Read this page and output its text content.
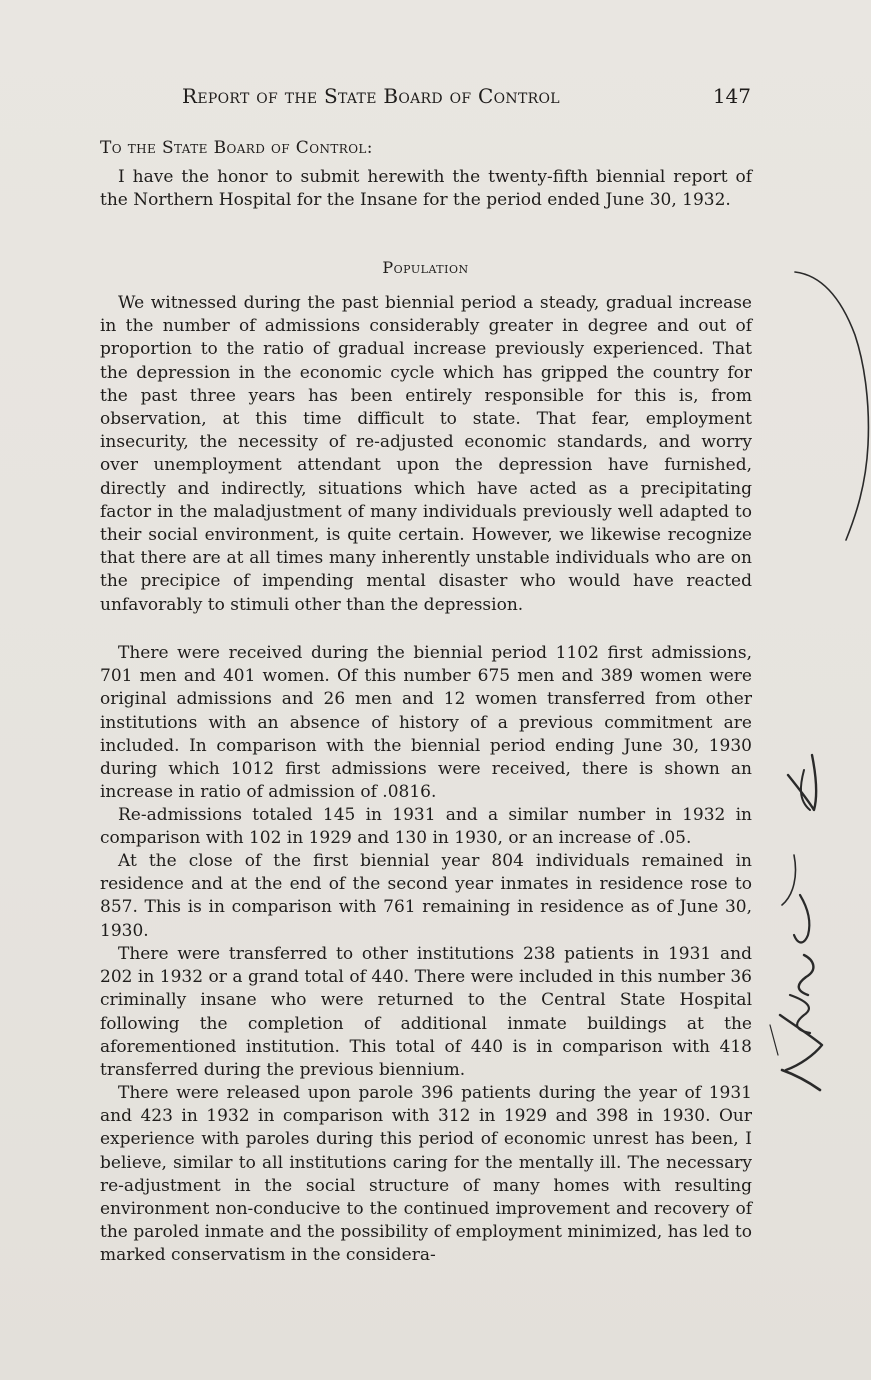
Report of the State Board of Control	147
To the State Board of Control:

I have the honor to submit herewith the twenty-fifth biennial report of the Northern Hospital for the Insane for the period ended June 30, 1932.

Population

We witnessed during the past biennial period a steady, gradual increase in the number of admissions considerably greater in degree and out of proportion to the ratio of gradual increase previously experienced. That the depression in the economic cycle which has gripped the country for the past three years has been entirely responsible for this is, from observation, at this time difficult to state. That fear, employment insecurity, the necessity of re-adjusted economic standards, and worry over unemployment attendant upon the depression have furnished, directly and indirectly, situations which have acted as a precipitating factor in the maladjustment of many individuals previously well adapted to their social environment, is quite certain. However, we likewise recognize that there are at all times many inherently unstable individuals who are on the precipice of impending mental disaster who would have reacted unfavorably to stimuli other than the depression.

There were received during the biennial period 1102 first admissions, 701 men and 401 women. Of this number 675 men and 389 women were original admissions and 26 men and 12 women transferred from other institutions with an absence of history of a previous commitment are included. In comparison with the biennial period ending June 30, 1930 during which 1012 first admissions were received, there is shown an increase in ratio of admission of .0816.

Re-admissions totaled 145 in 1931 and a similar number in 1932 in comparison with 102 in 1929 and 130 in 1930, or an increase of .05.

At the close of the first biennial year 804 individuals remained in residence and at the end of the second year inmates in residence rose to 857. This is in comparison with 761 remaining in residence as of June 30, 1930.

There were transferred to other institutions 238 patients in 1931 and 202 in 1932 or a grand total of 440. There were included in this number 36 criminally insane who were returned to the Central State Hospital following the completion of additional inmate buildings at the aforementioned institution. This total of 440 is in comparison with 418 transferred during the previous biennium.

There were released upon parole 396 patients during the year of 1931 and 423 in 1932 in comparison with 312 in 1929 and 398 in 1930. Our experience with paroles during this period of economic unrest has been, I believe, similar to all institutions caring for the mentally ill. The necessary re-adjustment in the social structure of many homes with resulting environment non-conducive to the continued improvement and recovery of the paroled inmate and the possibility of employment minimized, has led to marked conservatism in the considera-
